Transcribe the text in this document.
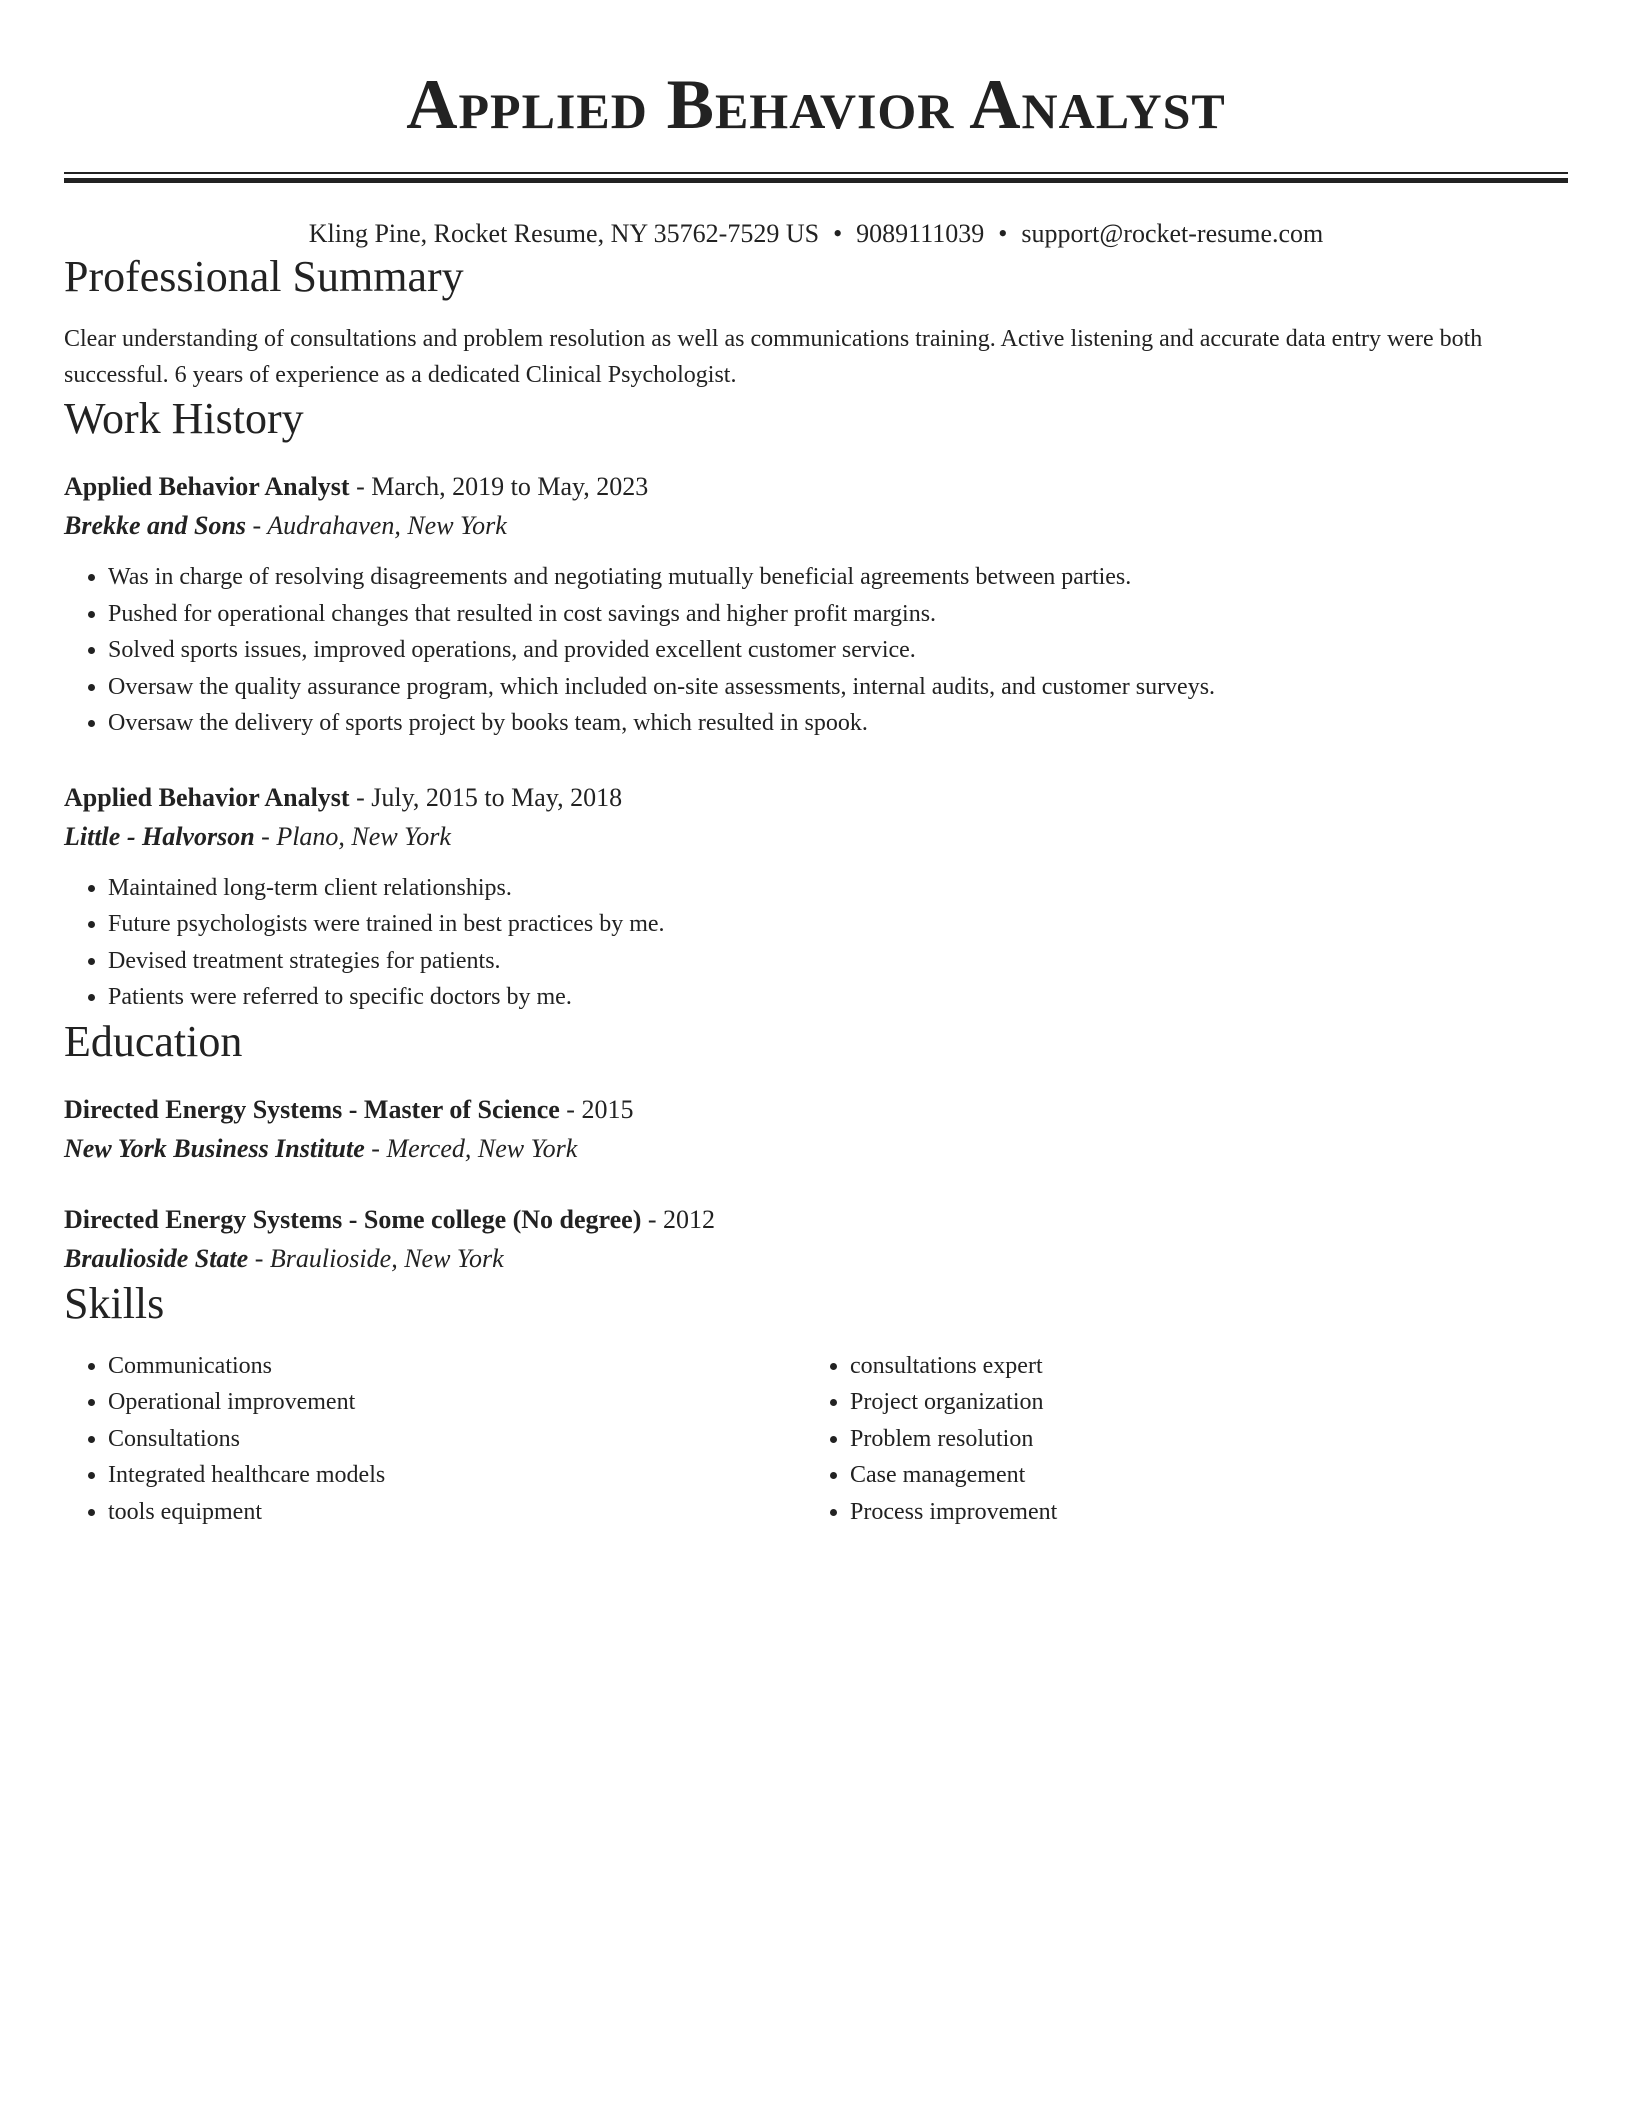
Applied Behavior Analyst
Kling Pine, Rocket Resume, NY 35762-7529 US • 9089111039 • support@rocket-resume.com
Professional Summary
Clear understanding of consultations and problem resolution as well as communications training. Active listening and accurate data entry were both successful. 6 years of experience as a dedicated Clinical Psychologist.
Work History
Applied Behavior Analyst - March, 2019 to May, 2023
Brekke and Sons - Audrahaven, New York
• Was in charge of resolving disagreements and negotiating mutually beneficial agreements between parties.
• Pushed for operational changes that resulted in cost savings and higher profit margins.
• Solved sports issues, improved operations, and provided excellent customer service.
• Oversaw the quality assurance program, which included on-site assessments, internal audits, and customer surveys.
• Oversaw the delivery of sports project by books team, which resulted in spook.
Applied Behavior Analyst - July, 2015 to May, 2018
Little - Halvorson - Plano, New York
• Maintained long-term client relationships.
• Future psychologists were trained in best practices by me.
• Devised treatment strategies for patients.
• Patients were referred to specific doctors by me.
Education
Directed Energy Systems - Master of Science - 2015
New York Business Institute - Merced, New York
Directed Energy Systems - Some college (No degree) - 2012
Braulioside State - Braulioside, New York
Skills
• Communications
• Operational improvement
• Consultations
• Integrated healthcare models
• tools equipment
• consultations expert
• Project organization
• Problem resolution
• Case management
• Process improvement
